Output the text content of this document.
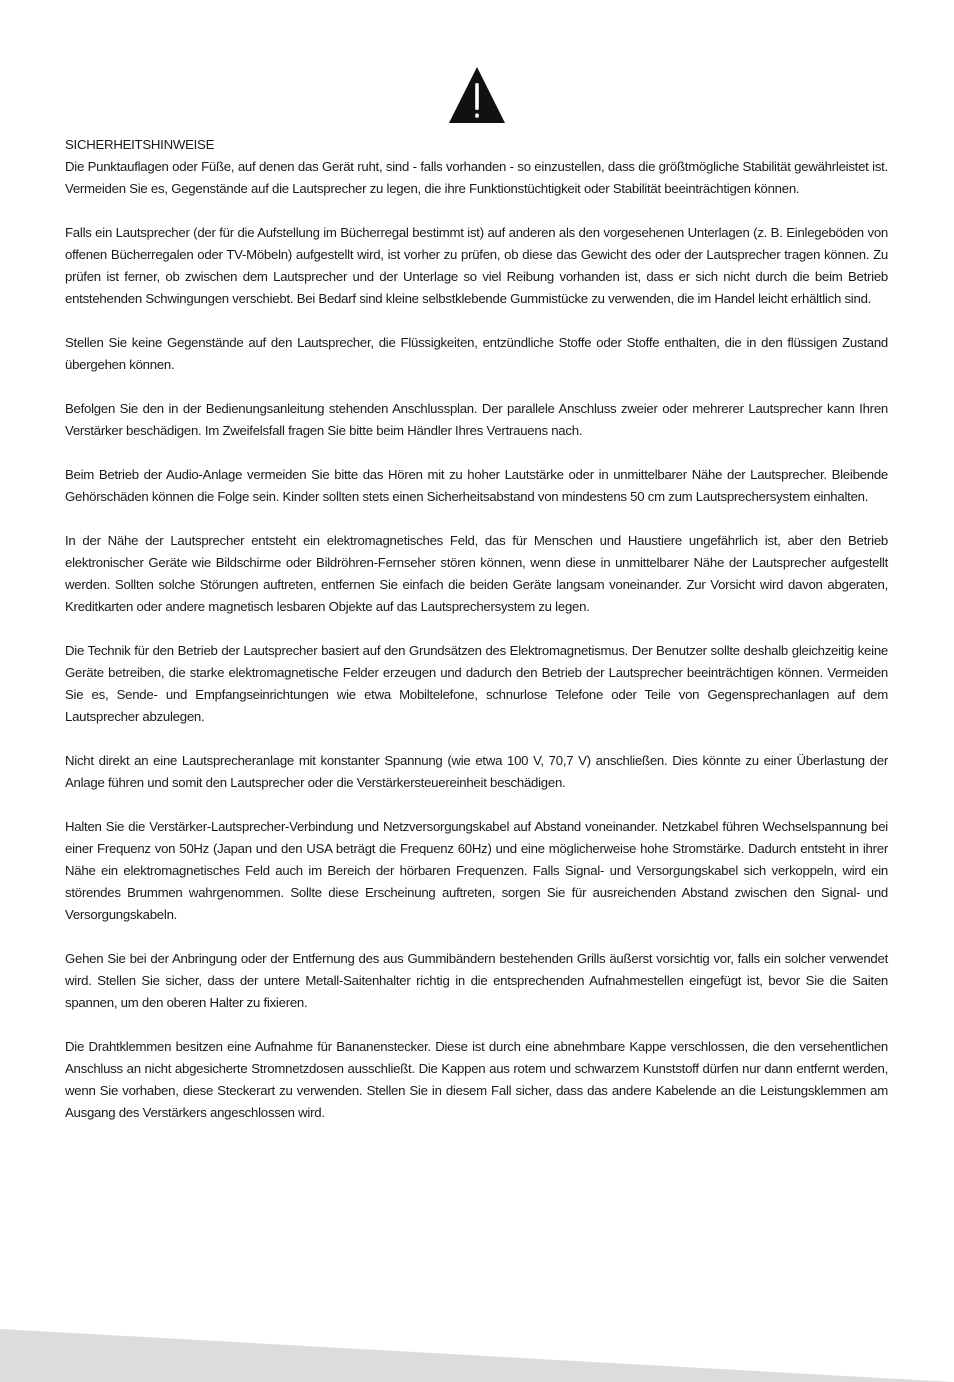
SICHERHEITSHINWEISE

Die Punktauflagen oder Füße, auf denen das Gerät ruht, sind - falls vorhanden - so einzustellen, dass die größtmögliche Stabilität gewährleistet ist. Vermeiden Sie es, Gegenstände auf die Lautsprecher zu legen, die ihre Funktionstüchtigkeit oder Stabilität beeinträchtigen können.

Falls ein Lautsprecher (der für die Aufstellung im Bücherregal bestimmt ist) auf anderen als den vorgesehenen Unterlagen (z. B. Einlegeböden von offenen Bücherregalen oder TV-Möbeln) aufgestellt wird, ist vorher zu prüfen, ob diese das Gewicht des oder der Lautsprecher tragen können. Zu prüfen ist ferner, ob zwischen dem Lautsprecher und der Unterlage so viel Reibung vorhanden ist, dass er sich nicht durch die beim Betrieb entstehenden Schwingungen verschiebt. Bei Bedarf sind kleine selbstklebende Gummistücke zu verwenden, die im Handel leicht erhältlich sind.

Stellen Sie keine Gegenstände auf den Lautsprecher, die Flüssigkeiten, entzündliche Stoffe oder Stoffe enthalten, die in den flüssigen Zustand übergehen können.

Befolgen Sie den in der Bedienungsanleitung stehenden Anschlussplan. Der parallele Anschluss zweier oder mehrerer Lautsprecher kann Ihren Verstärker beschädigen. Im Zweifelsfall fragen Sie bitte beim Händler Ihres Vertrauens nach.

Beim Betrieb der Audio-Anlage vermeiden Sie bitte das Hören mit zu hoher Lautstärke oder in unmittelbarer Nähe der Lautsprecher. Bleibende Gehörschäden können die Folge sein. Kinder sollten stets einen Sicherheitsabstand von mindestens 50 cm zum Lautsprechersystem einhalten.

In der Nähe der Lautsprecher entsteht ein elektromagnetisches Feld, das für Menschen und Haustiere ungefährlich ist, aber den Betrieb elektronischer Geräte wie Bildschirme oder Bildröhren-Fernseher stören können, wenn diese in unmittelbarer Nähe der Lautsprecher aufgestellt werden. Sollten solche Störungen auftreten, entfernen Sie einfach die beiden Geräte langsam voneinander. Zur Vorsicht wird davon abgeraten, Kreditkarten oder andere magnetisch lesbaren Objekte auf das Lautsprechersystem zu legen.

Die Technik für den Betrieb der Lautsprecher basiert auf den Grundsätzen des Elektromagnetismus. Der Benutzer sollte deshalb gleichzeitig keine Geräte betreiben, die starke elektromagnetische Felder erzeugen und dadurch den Betrieb der Lautsprecher beeinträchtigen können. Vermeiden Sie es, Sende- und Empfangseinrichtungen wie etwa Mobiltelefone, schnurlose Telefone oder Teile von Gegensprechanlagen auf dem Lautsprecher abzulegen.

Nicht direkt an eine Lautsprecheranlage mit konstanter Spannung (wie etwa 100 V, 70,7 V) anschließen. Dies könnte zu einer Überlastung der Anlage führen und somit den Lautsprecher oder die Verstärkersteuereinheit beschädigen.

Halten Sie die Verstärker-Lautsprecher-Verbindung und Netzversorgungskabel auf Abstand voneinander. Netzkabel führen Wechselspannung bei einer Frequenz von 50Hz (Japan und den USA beträgt die Frequenz 60Hz) und eine möglicherweise hohe Stromstärke. Dadurch entsteht in ihrer Nähe ein elektromagnetisches Feld auch im Bereich der hörbaren Frequenzen. Falls Signal- und Versorgungskabel sich verkoppeln, wird ein störendes Brummen wahrgenommen. Sollte diese Erscheinung auftreten, sorgen Sie für ausreichenden Abstand zwischen den Signal- und Versorgungskabeln.

Gehen Sie bei der Anbringung oder der Entfernung des aus Gummibändern bestehenden Grills äußerst vorsichtig vor, falls ein solcher verwendet wird. Stellen Sie sicher, dass der untere Metall-Saitenhalter richtig in die entsprechenden Aufnahmestellen eingefügt ist, bevor Sie die Saiten spannen, um den oberen Halter zu fixieren.

Die Drahtklemmen besitzen eine Aufnahme für Bananenstecker. Diese ist durch eine abnehmbare Kappe verschlossen, die den versehentlichen Anschluss an nicht abgesicherte Stromnetzdosen ausschließt. Die Kappen aus rotem und schwarzem Kunststoff dürfen nur dann entfernt werden, wenn Sie vorhaben, diese Steckerart zu verwenden. Stellen Sie in diesem Fall sicher, dass das andere Kabelende an die Leistungsklemmen am Ausgang des Verstärkers angeschlossen wird.
